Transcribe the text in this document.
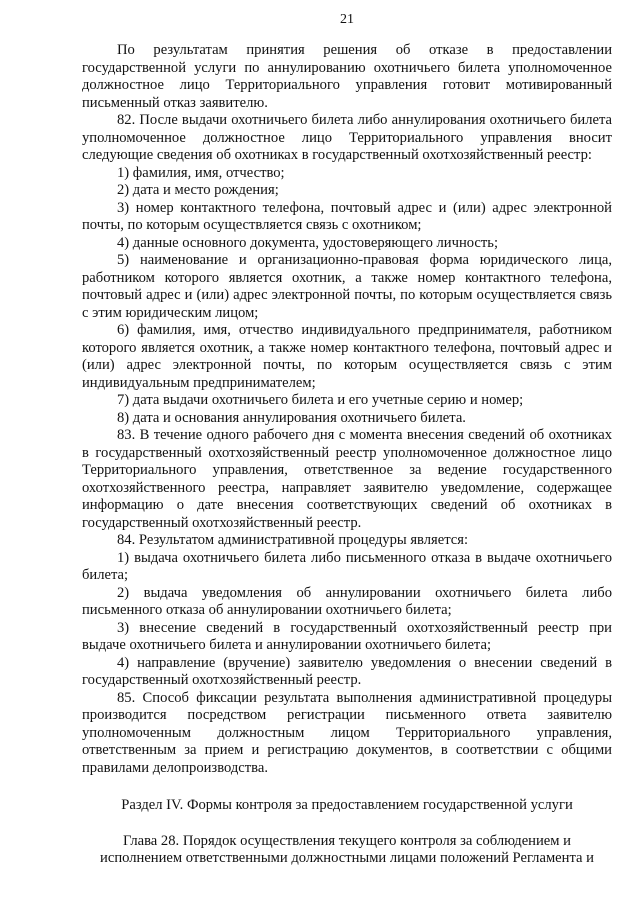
21

По результатам принятия решения об отказе в предоставлении государственной услуги по аннулированию охотничьего билета уполномоченное должностное лицо Территориального управления готовит мотивированный письменный отказ заявителю.

82. После выдачи охотничьего билета либо аннулирования охотничьего билета уполномоченное должностное лицо Территориального управления вносит следующие сведения об охотниках в государственный охотхозяйственный реестр:

1) фамилия, имя, отчество;

2) дата и место рождения;

3) номер контактного телефона, почтовый адрес и (или) адрес электронной почты, по которым осуществляется связь с охотником;

4) данные основного документа, удостоверяющего личность;

5) наименование и организационно-правовая форма юридического лица, работником которого является охотник, а также номер контактного телефона, почтовый адрес и (или) адрес электронной почты, по которым осуществляется связь с этим юридическим лицом;

6) фамилия, имя, отчество индивидуального предпринимателя, работником которого является охотник, а также номер контактного телефона, почтовый адрес и (или) адрес электронной почты, по которым осуществляется связь с этим индивидуальным предпринимателем;

7) дата выдачи охотничьего билета и его учетные серию и номер;

8) дата и основания аннулирования охотничьего билета.

83. В течение одного рабочего дня с момента внесения сведений об охотниках в государственный охотхозяйственный реестр уполномоченное должностное лицо Территориального управления, ответственное за ведение государственного охотхозяйственного реестра, направляет заявителю уведомление, содержащее информацию о дате внесения соответствующих сведений об охотниках в государственный охотхозяйственный реестр.

84. Результатом административной процедуры является:

1) выдача охотничьего билета либо письменного отказа в выдаче охотничьего билета;

2) выдача уведомления об аннулировании охотничьего билета либо письменного отказа об аннулировании охотничьего билета;

3) внесение сведений в государственный охотхозяйственный реестр при выдаче охотничьего билета и аннулировании охотничьего билета;

4) направление (вручение) заявителю уведомления о внесении сведений в государственный охотхозяйственный реестр.

85. Способ фиксации результата выполнения административной процедуры производится посредством регистрации письменного ответа заявителю уполномоченным должностным лицом Территориального управления, ответственным за прием и регистрацию документов, в соответствии с общими правилами делопроизводства.

Раздел IV. Формы контроля за предоставлением государственной услуги
Глава 28. Порядок осуществления текущего контроля за соблюдением и исполнением ответственными должностными лицами положений Регламента и
